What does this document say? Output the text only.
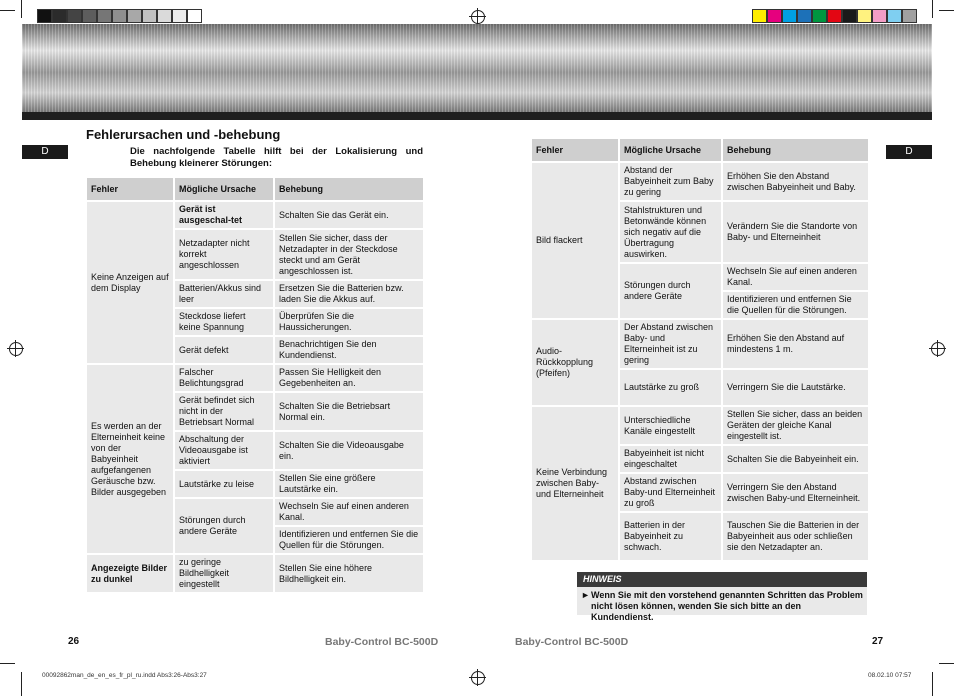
D
Fehlerursachen und -behebung
Die nachfolgende Tabelle hilft bei der Lokalisierung und Behebung kleinerer Störungen:
Fehler	Mögliche Ursache	Behebung
Keine Anzeigen auf dem Display	Gerät ist ausgeschal-tet	Schalten Sie das Gerät ein.
	Netzadapter nicht korrekt angeschlossen	Stellen Sie sicher, dass der Netzadapter in der Steckdose steckt und am Gerät angeschlossen ist.
	Batterien/Akkus sind leer	Ersetzen Sie die Batterien bzw. laden Sie die Akkus auf.
	Steckdose liefert keine Spannung	Überprüfen Sie die Haussicherungen.
	Gerät defekt	Benachrichtigen Sie den Kundendienst.
Es werden an der Elterneinheit keine von der Babyeinheit aufgefangenen Geräusche bzw. Bilder ausgegeben	Falscher Belichtungsgrad	Passen Sie Helligkeit den Gegebenheiten an.
	Gerät befindet sich nicht in der Betriebsart Normal	Schalten Sie die Betriebsart Normal ein.
	Abschaltung der Videoausgabe ist aktiviert	Schalten Sie die Videoausgabe ein.
	Lautstärke zu leise	Stellen Sie eine größere Lautstärke ein.
	Störungen durch andere Geräte	Wechseln Sie auf einen anderen Kanal.
		Identifizieren und entfernen Sie die Quellen für die Störungen.
Angezeigte Bilder zu dunkel	zu geringe Bildhelligkeit eingestellt	Stellen Sie eine höhere Bildhelligkeit ein.
D
Fehler	Mögliche Ursache	Behebung
Bild flackert	Abstand der Babyeinheit zum Baby zu gering	Erhöhen Sie den Abstand zwischen Babyeinheit und Baby.
	Stahlstrukturen und Betonwände können sich negativ auf die Übertragung auswirken.	Verändern Sie die Standorte von Baby- und Elterneinheit
	Störungen durch andere Geräte	Wechseln Sie auf einen anderen Kanal.
		Identifizieren und entfernen Sie die Quellen für die Störungen.
Audio-Rückkopplung (Pfeifen)	Der Abstand zwischen Baby- und Elterneinheit ist zu gering	Erhöhen Sie den Abstand auf mindestens 1 m.
	Lautstärke zu groß	Verringern Sie die Lautstärke.
Keine Verbindung zwischen Baby- und Elterneinheit	Unterschiedliche Kanäle eingestellt	Stellen Sie sicher, dass an beiden Geräten der gleiche Kanal eingestellt ist.
	Babyeinheit ist nicht eingeschaltet	Schalten Sie die Babyeinheit ein.
	Abstand zwischen Baby-und Elterneinheit zu groß	Verringern Sie den Abstand zwischen Baby-und Elterneinheit.
	Batterien in der Babyeinheit zu schwach.	Tauschen Sie die Batterien in der Babyeinheit aus oder schließen sie den Netzadapter an.
HINWEIS
► Wenn Sie mit den vorstehend genannten Schritten das Problem nicht lösen können, wenden Sie sich bitte an den Kundendienst.
26	Baby-Control BC-500D	Baby-Control BC-500D	27
00092862man_de_en_es_fr_pl_ru.indd Abs3:26-Abs3:27	08.02.10 07:57
